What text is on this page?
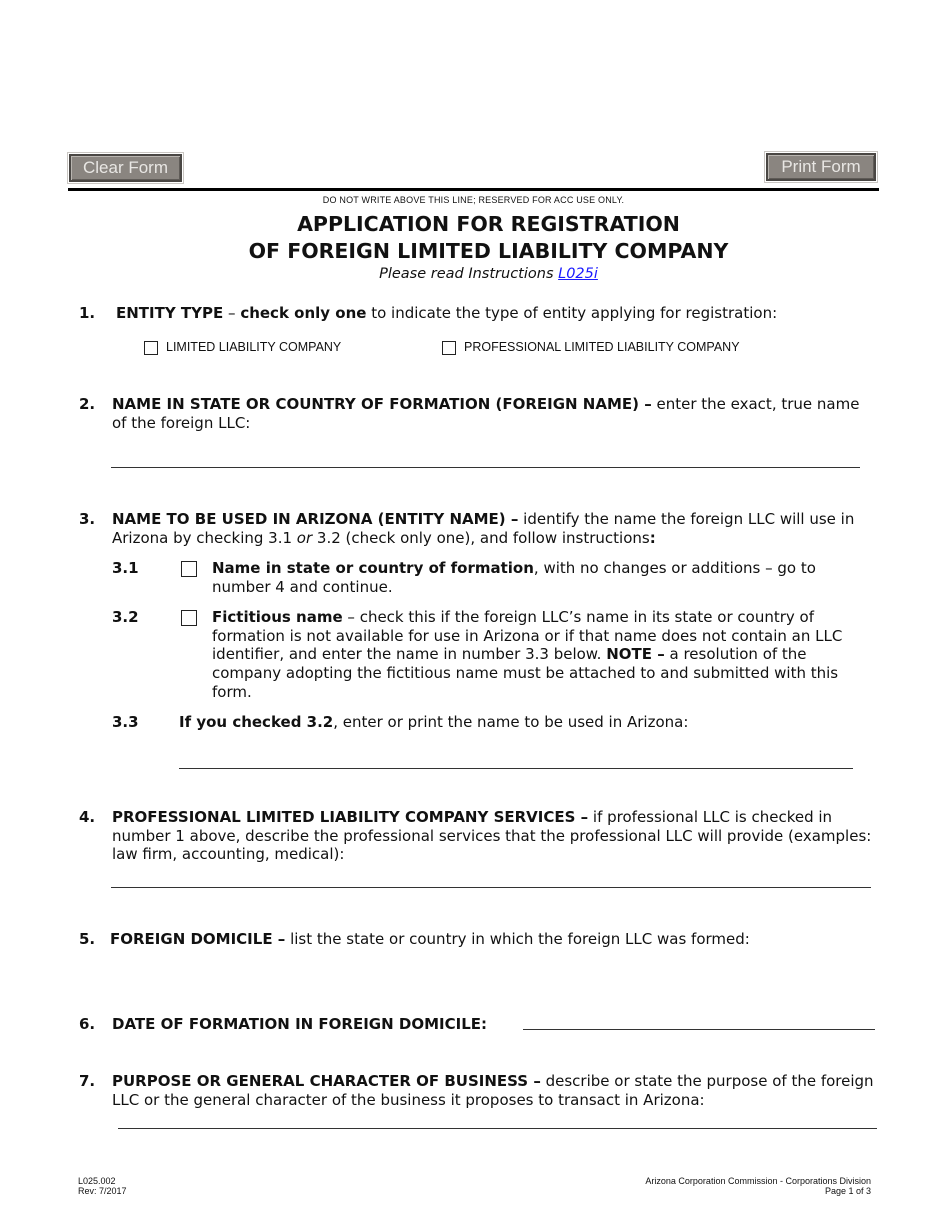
Clear Form	Print Form
DO NOT WRITE ABOVE THIS LINE; RESERVED FOR ACC USE ONLY.
APPLICATION FOR REGISTRATION
OF FOREIGN LIMITED LIABILITY COMPANY
Please read Instructions L025i
1. ENTITY TYPE – check only one to indicate the type of entity applying for registration:
LIMITED LIABILITY COMPANY	PROFESSIONAL LIMITED LIABILITY COMPANY
2. NAME IN STATE OR COUNTRY OF FORMATION (FOREIGN NAME) – enter the exact, true name of the foreign LLC:
3. NAME TO BE USED IN ARIZONA (ENTITY NAME) – identify the name the foreign LLC will use in Arizona by checking 3.1 or 3.2 (check only one), and follow instructions:
3.1	Name in state or country of formation, with no changes or additions – go to number 4 and continue.
3.2	Fictitious name – check this if the foreign LLC’s name in its state or country of formation is not available for use in Arizona or if that name does not contain an LLC identifier, and enter the name in number 3.3 below. NOTE – a resolution of the company adopting the fictitious name must be attached to and submitted with this form.
3.3	If you checked 3.2, enter or print the name to be used in Arizona:
4. PROFESSIONAL LIMITED LIABILITY COMPANY SERVICES – if professional LLC is checked in number 1 above, describe the professional services that the professional LLC will provide (examples: law firm, accounting, medical):
5. FOREIGN DOMICILE – list the state or country in which the foreign LLC was formed:
6. DATE OF FORMATION IN FOREIGN DOMICILE:
7. PURPOSE OR GENERAL CHARACTER OF BUSINESS – describe or state the purpose of the foreign LLC or the general character of the business it proposes to transact in Arizona:
L025.002
Rev: 7/2017
Arizona Corporation Commission - Corporations Division
Page 1 of 3
